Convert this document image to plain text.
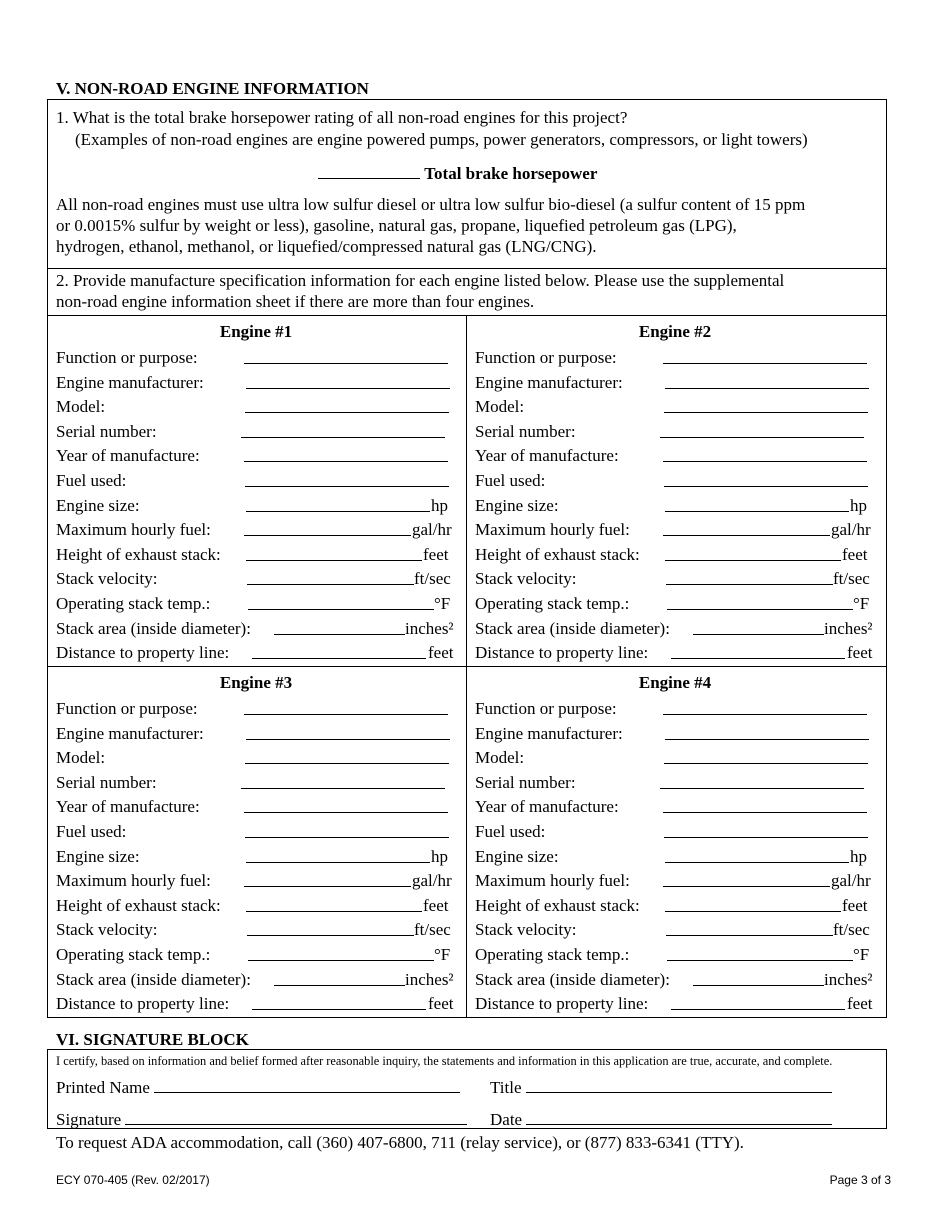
V. NON-ROAD ENGINE INFORMATION
1. What is the total brake horsepower rating of all non-road engines for this project?
(Examples of non-road engines are engine powered pumps, power generators, compressors, or light towers)
Total brake horsepower
All non-road engines must use ultra low sulfur diesel or ultra low sulfur bio-diesel (a sulfur content of 15 ppm
or 0.0015% sulfur by weight or less), gasoline, natural gas, propane, liquefied petroleum gas (LPG),
hydrogen, ethanol, methanol, or liquefied/compressed natural gas (LNG/CNG).
2. Provide manufacture specification information for each engine listed below. Please use the supplemental
non-road engine information sheet if there are more than four engines.
Engine #1
Function or purpose:
Engine manufacturer:
Model:
Serial number:
Year of manufacture:
Fuel used:
Engine size:	hp
Maximum hourly fuel:	gal/hr
Height of exhaust stack:	feet
Stack velocity:	ft/sec
Operating stack temp.:	°F
Stack area (inside diameter):	inches²
Distance to property line:	feet
Engine #2
Function or purpose:
Engine manufacturer:
Model:
Serial number:
Year of manufacture:
Fuel used:
Engine size:	hp
Maximum hourly fuel:	gal/hr
Height of exhaust stack:	feet
Stack velocity:	ft/sec
Operating stack temp.:	°F
Stack area (inside diameter):	inches²
Distance to property line:	feet
Engine #3
Function or purpose:
Engine manufacturer:
Model:
Serial number:
Year of manufacture:
Fuel used:
Engine size:	hp
Maximum hourly fuel:	gal/hr
Height of exhaust stack:	feet
Stack velocity:	ft/sec
Operating stack temp.:	°F
Stack area (inside diameter):	inches²
Distance to property line:	feet
Engine #4
Function or purpose:
Engine manufacturer:
Model:
Serial number:
Year of manufacture:
Fuel used:
Engine size:	hp
Maximum hourly fuel:	gal/hr
Height of exhaust stack:	feet
Stack velocity:	ft/sec
Operating stack temp.:	°F
Stack area (inside diameter):	inches²
Distance to property line:	feet
VI. SIGNATURE BLOCK
I certify, based on information and belief formed after reasonable inquiry, the statements and information in this application are true, accurate, and complete.
Printed Name	Title
Signature	Date
To request ADA accommodation, call (360) 407-6800, 711 (relay service), or (877) 833-6341 (TTY).
ECY 070-405 (Rev. 02/2017)	Page 3 of 3
